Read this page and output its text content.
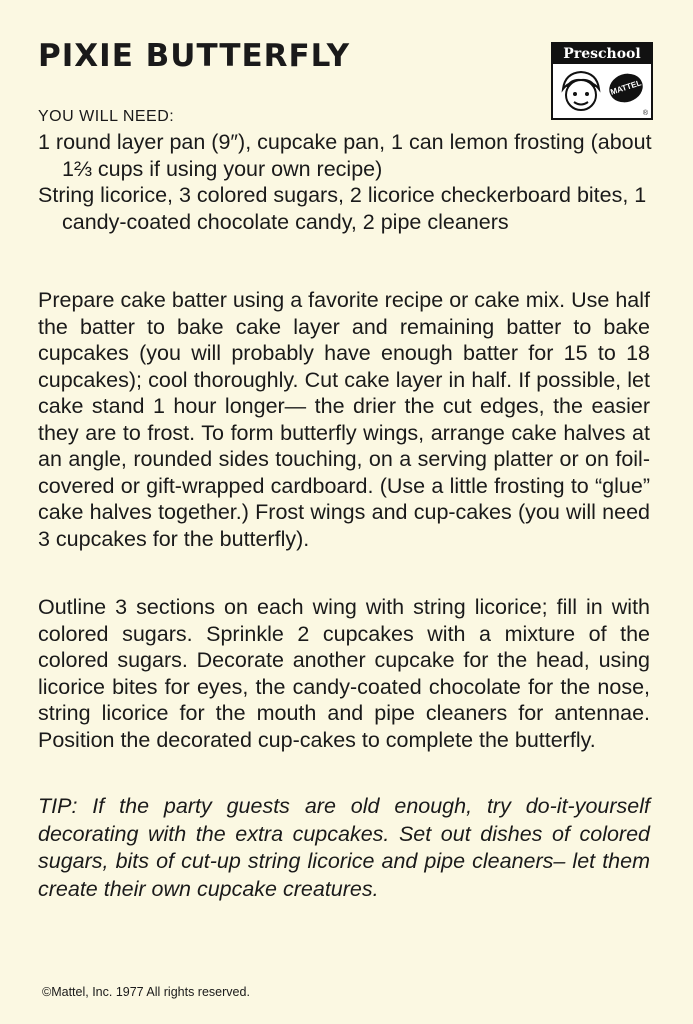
PIXIE BUTTERFLY	Preschool
MATTEL
®
YOU WILL NEED:
1 round layer pan (9″), cupcake pan, 1 can lemon frosting (about 1⅔ cups if using your own recipe)
String licorice, 3 colored sugars, 2 licorice checkerboard bites, 1 candy-coated chocolate candy, 2 pipe cleaners
Prepare cake batter using a favorite recipe or cake mix. Use half the batter to bake cake layer and remaining batter to bake cupcakes (you will probably have enough batter for 15 to 18 cupcakes); cool thoroughly. Cut cake layer in half. If possible, let cake stand 1 hour longer— the drier the cut edges, the easier they are to frost. To form butterfly wings, arrange cake halves at an angle, rounded sides touching, on a serving platter or on foil-covered or gift-wrapped cardboard. (Use a little frosting to “glue” cake halves together.) Frost wings and cup-cakes (you will need 3 cupcakes for the butterfly).
Outline 3 sections on each wing with string licorice; fill in with colored sugars. Sprinkle 2 cupcakes with a mixture of the colored sugars. Decorate another cupcake for the head, using licorice bites for eyes, the candy-coated chocolate for the nose, string licorice for the mouth and pipe cleaners for antennae. Position the decorated cup-cakes to complete the butterfly.
TIP: If the party guests are old enough, try do-it-yourself decorating with the extra cupcakes. Set out dishes of colored sugars, bits of cut-up string licorice and pipe cleaners– let them create their own cupcake creatures.
©Mattel, Inc. 1977 All rights reserved.
